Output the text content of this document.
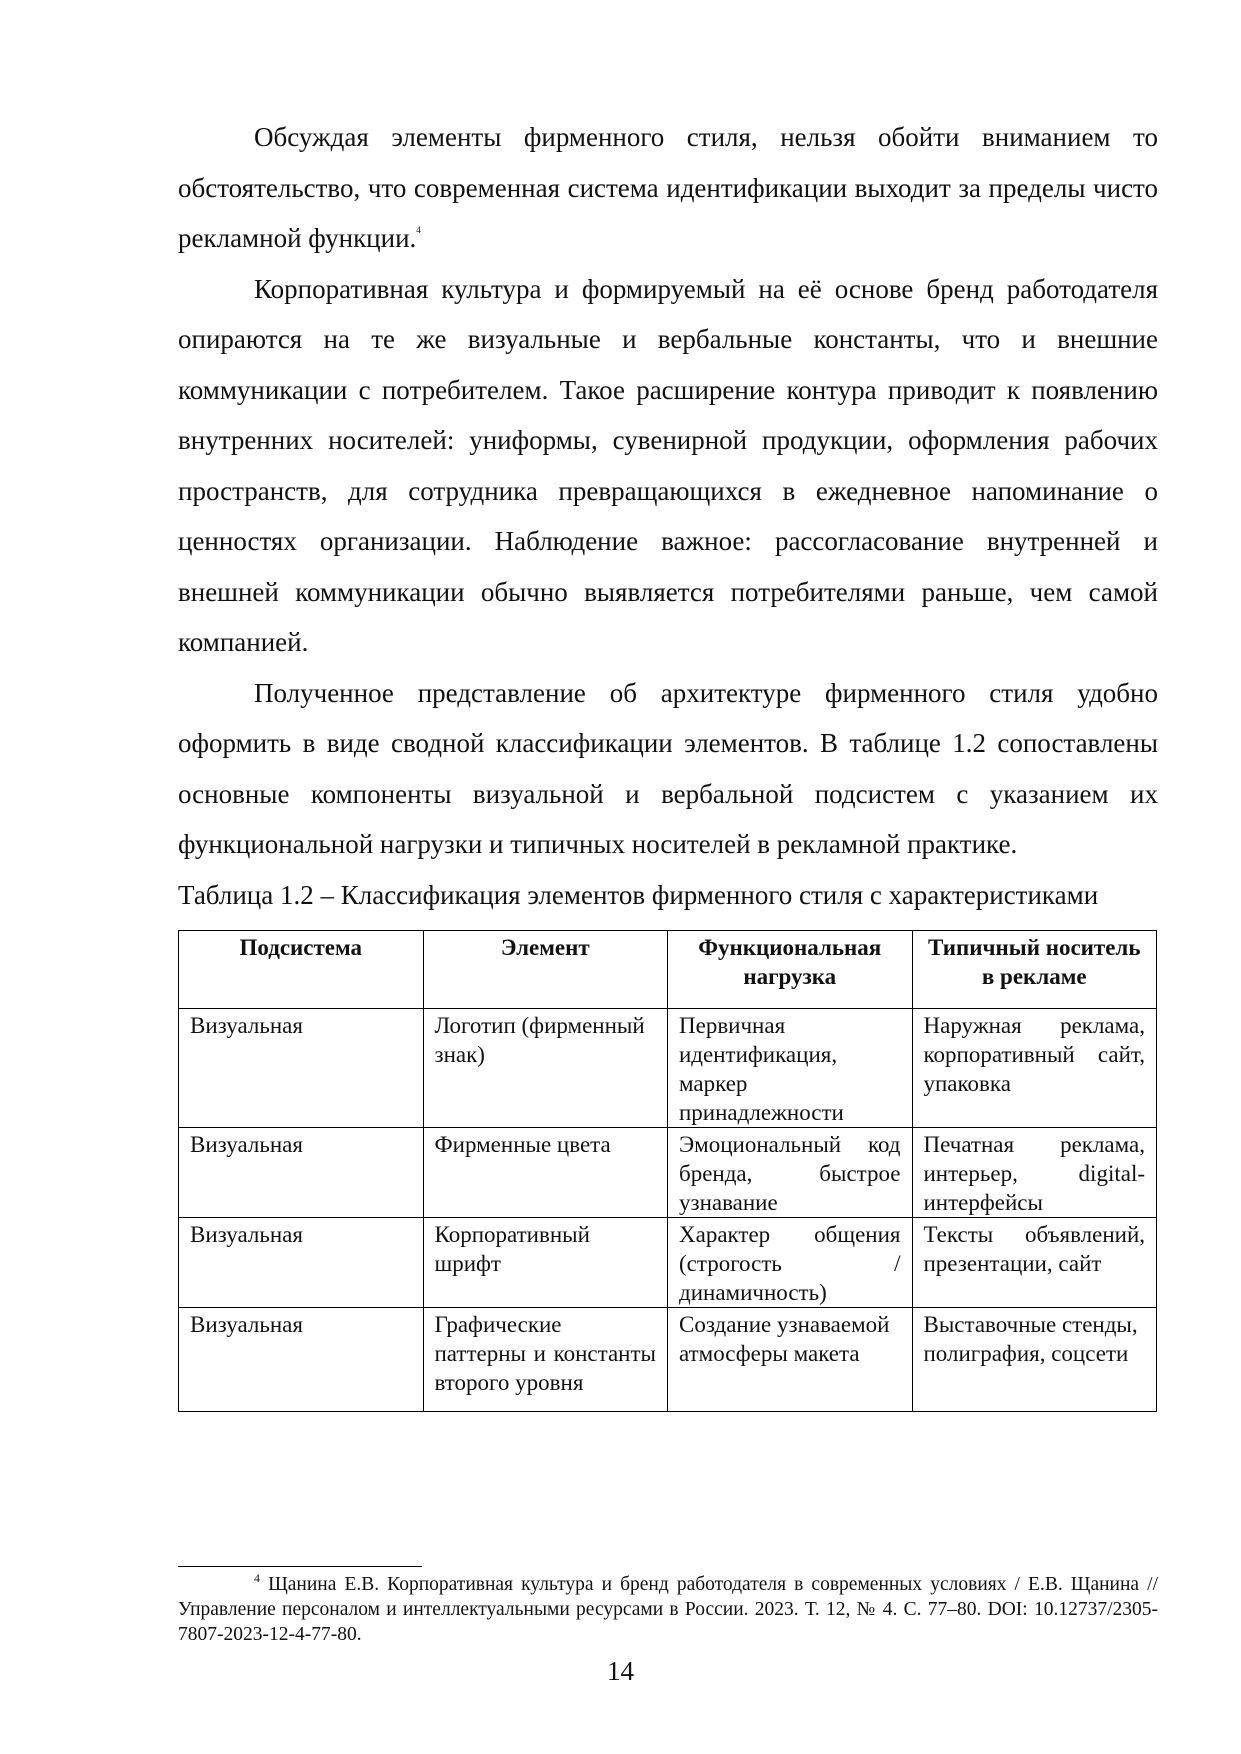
Обсуждая элементы фирменного стиля, нельзя обойти вниманием то обстоятельство, что современная система идентификации выходит за пределы чисто рекламной функции.$^4$

Корпоративная культура и формируемый на её основе бренд работодателя опираются на те же визуальные и вербальные константы, что и внешние коммуникации с потребителем. Такое расширение контура приводит к появлению внутренних носителей: униформы, сувенирной продукции, оформления рабочих пространств, для сотрудника превращающихся в ежедневное напоминание о ценностях организации. Наблюдение важное: рассогласование внутренней и внешней коммуникации обычно выявляется потребителями раньше, чем самой компанией.

Полученное представление об архитектуре фирменного стиля удобно оформить в виде сводной классификации элементов. В таблице 1.2 сопоставлены основные компоненты визуальной и вербальной подсистем с указанием их функциональной нагрузки и типичных носителей в рекламной практике.

Таблица 1.2 – Классификация элементов фирменного стиля с характеристиками

Подсистема	Элемент	Функциональная нагрузка	Типичный носитель в рекламе
Визуальная	Логотип (фирменный знак)	Первичная идентификация, маркер принадлежности	Наружная реклама, корпоративный сайт, упаковка
Визуальная	Фирменные цвета	Эмоциональный код бренда, быстрое узнавание	Печатная реклама, интерьер, digital-интерфейсы
Визуальная	Корпоративный шрифт	Характер общения (строгость / динамичность)	Тексты объявлений, презентации, сайт
Визуальная	Графические паттерны и константы второго уровня	Создание узнаваемой атмосферы макета	Выставочные стенды, полиграфия, соцсети

$^4$ Щанина Е.В. Корпоративная культура и бренд работодателя в современных условиях / Е.В. Щанина // Управление персоналом и интеллектуальными ресурсами в России. 2023. Т. 12, № 4. С. 77–80. DOI: 10.12737/2305-7807-2023-12-4-77-80.

14
